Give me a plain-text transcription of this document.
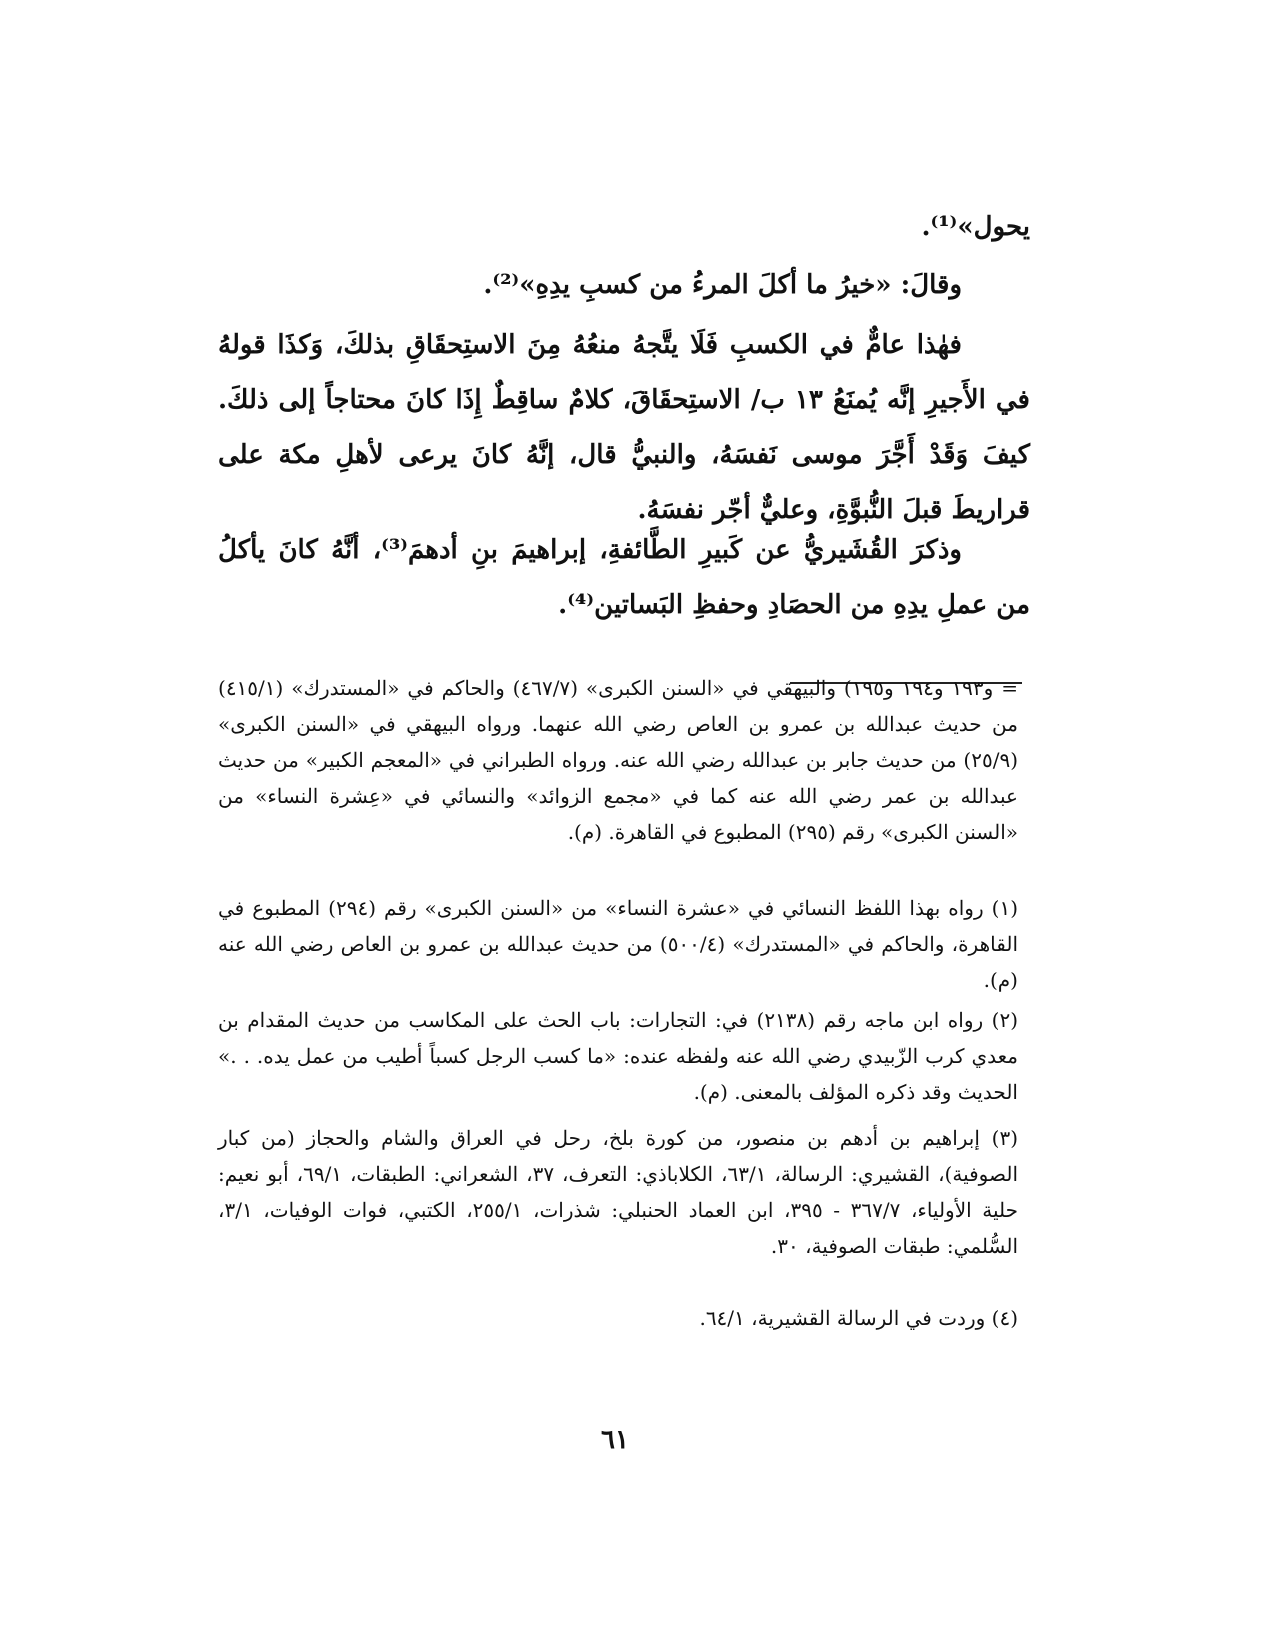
يحول»⁽¹⁾.

وقالَ: «خيرُ ما أكلَ المرءُ من كسبِ يدِهِ»⁽²⁾.

فهٰذا عامٌّ في الكسبِ فَلَا يتَّجهُ منعُهُ مِنَ الاستِحقَاقِ بذلكَ، وَكذَا قولهُ في الأَجيرِ إنَّه يُمنَعُ ١٣ ب/ الاستِحقَاقَ، كلامٌ ساقِطٌ إِذَا كانَ محتاجاً إلى ذلكَ. كيفَ وَقَدْ أَجَّرَ موسى نَفسَهُ، والنبيُّ قال، إنَّهُ كانَ يرعى لأهلِ مكة على قراريطَ قبلَ النُّبوَّةِ، وعليٌّ أجّر نفسَهُ.

وذكرَ القُشَيريُّ عن كَبيرِ الطَّائفةِ، إبراهيمَ بنِ أدهمَ⁽³⁾، أنَّهُ كانَ يأكلُ من عملِ يدِهِ من الحصَادِ وحفظِ البَساتين⁽⁴⁾.

= و١٩٣ و١٩٤ و١٩٥) والبيهقي في «السنن الكبرى» (٤٦٧/٧) والحاكم في «المستدرك» (٤١٥/١) من حديث عبدالله بن عمرو بن العاص رضي الله عنهما. ورواه البيهقي في «السنن الكبرى» (٢٥/٩) من حديث جابر بن عبدالله رضي الله عنه. ورواه الطبراني في «المعجم الكبير» من حديث عبدالله بن عمر رضي الله عنه كما في «مجمع الزوائد» والنسائي في «عِشرة النساء» من «السنن الكبرى» رقم (٢٩٥) المطبوع في القاهرة. (م).

(١) رواه بهذا اللفظ النسائي في «عشرة النساء» من «السنن الكبرى» رقم (٢٩٤) المطبوع في القاهرة، والحاكم في «المستدرك» (٥٠٠/٤) من حديث عبدالله بن عمرو بن العاص رضي الله عنه (م).

(٢) رواه ابن ماجه رقم (٢١٣٨) في: التجارات: باب الحث على المكاسب من حديث المقدام بن معدي كرب الزّبيدي رضي الله عنه ولفظه عنده: «ما كسب الرجل كسباً أطيب من عمل يده. . .» الحديث وقد ذكره المؤلف بالمعنى. (م).

(٣) إبراهيم بن أدهم بن منصور، من كورة بلخ، رحل في العراق والشام والحجاز (من كبار الصوفية)، القشيري: الرسالة، ٦٣/١، الكلاباذي: التعرف، ٣٧، الشعراني: الطبقات، ٦٩/١، أبو نعيم: حلية الأولياء، ٣٦٧/٧ - ٣٩٥، ابن العماد الحنبلي: شذرات، ٢٥٥/١، الكتبي، فوات الوفيات، ٣/١، السُّلمي: طبقات الصوفية، ٣٠.

(٤) وردت في الرسالة القشيرية، ٦٤/١.

٦١
